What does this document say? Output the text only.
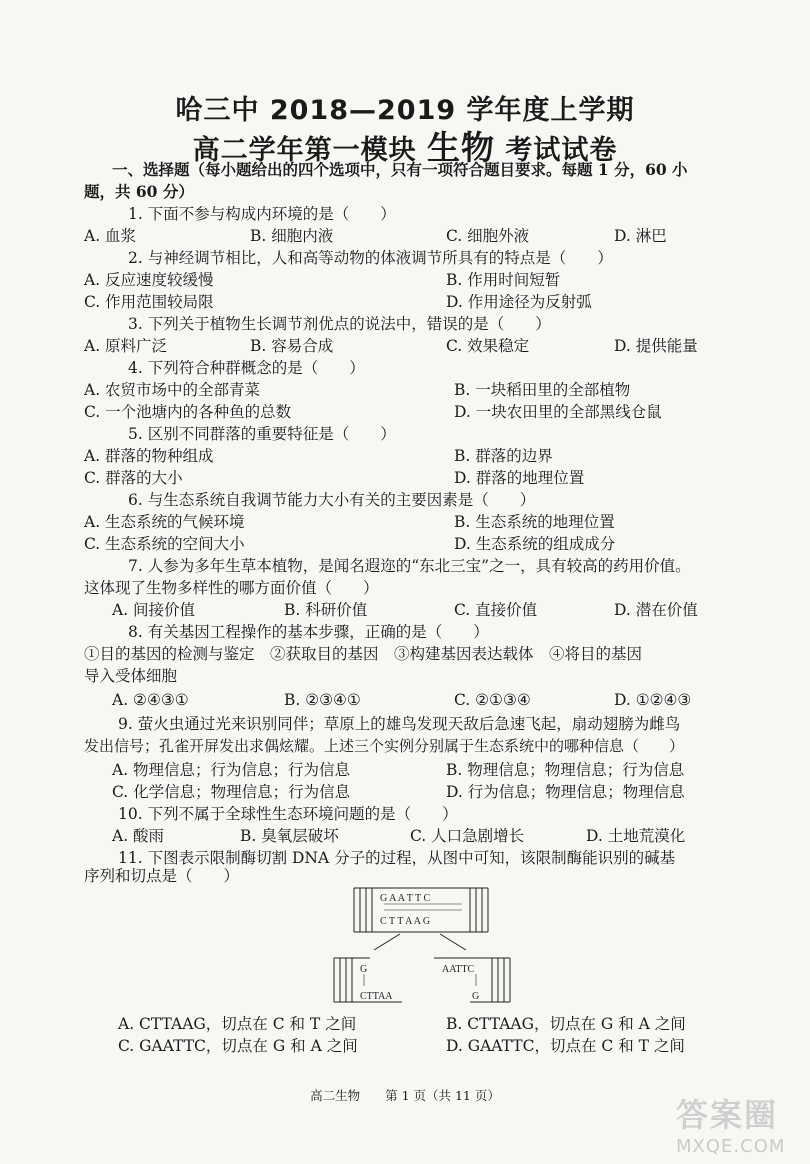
哈三中 2018—2019 学年度上学期
高二学年第一模块 生物 考试试卷
一、选择题（每小题给出的四个选项中，只有一项符合题目要求。每题 1 分，60 小
题，共 60 分）
1. 下面不参与构成内环境的是（　　）
A. 血浆	B. 细胞内液	C. 细胞外液	D. 淋巴
2. 与神经调节相比，人和高等动物的体液调节所具有的特点是（　　）
A. 反应速度较缓慢	B. 作用时间短暂
C. 作用范围较局限	D. 作用途径为反射弧
3. 下列关于植物生长调节剂优点的说法中，错误的是（　　）
A. 原料广泛	B. 容易合成	C. 效果稳定	D. 提供能量
4. 下列符合种群概念的是（　　）
A. 农贸市场中的全部青菜	B. 一块稻田里的全部植物
C. 一个池塘内的各种鱼的总数	D. 一块农田里的全部黑线仓鼠
5. 区别不同群落的重要特征是（　　）
A. 群落的物种组成	B. 群落的边界
C. 群落的大小	D. 群落的地理位置
6. 与生态系统自我调节能力大小有关的主要因素是（　　）
A. 生态系统的气候环境	B. 生态系统的地理位置
C. 生态系统的空间大小	D. 生态系统的组成成分
7. 人参为多年生草本植物，是闻名遐迩的“东北三宝”之一，具有较高的药用价值。
这体现了生物多样性的哪方面价值（　　）
A. 间接价值	B. 科研价值	C. 直接价值	D. 潜在价值
8. 有关基因工程操作的基本步骤，正确的是（　　）
①目的基因的检测与鉴定　②获取目的基因　③构建基因表达载体　④将目的基因
导入受体细胞
A. ②④③①	B. ②③④①	C. ②①③④	D. ①②④③
9. 萤火虫通过光来识别同伴；草原上的雄鸟发现天敌后急速飞起，扇动翅膀为雌鸟
发出信号；孔雀开屏发出求偶炫耀。上述三个实例分别属于生态系统中的哪种信息（　　）
A. 物理信息；行为信息；行为信息	B. 物理信息；物理信息；行为信息
C. 化学信息；物理信息；行为信息	D. 行为信息；物理信息；物理信息
10. 下列不属于全球性生态环境问题的是（　　）
A. 酸雨	B. 臭氧层破坏	C. 人口急剧增长	D. 土地荒漠化
11. 下图表示限制酶切割 DNA 分子的过程，从图中可知，该限制酶能识别的碱基
序列和切点是（　　）
G A A T T C
C T T A A G
G
CTTAA
AATTC
G
A. CTTAAG，切点在 C 和 T 之间	B. CTTAAG，切点在 G 和 A 之间
C. GAATTC，切点在 G 和 A 之间	D. GAATTC，切点在 C 和 T 之间
高二生物　　第 1 页（共 11 页）
答案圈
MXQE.COM
